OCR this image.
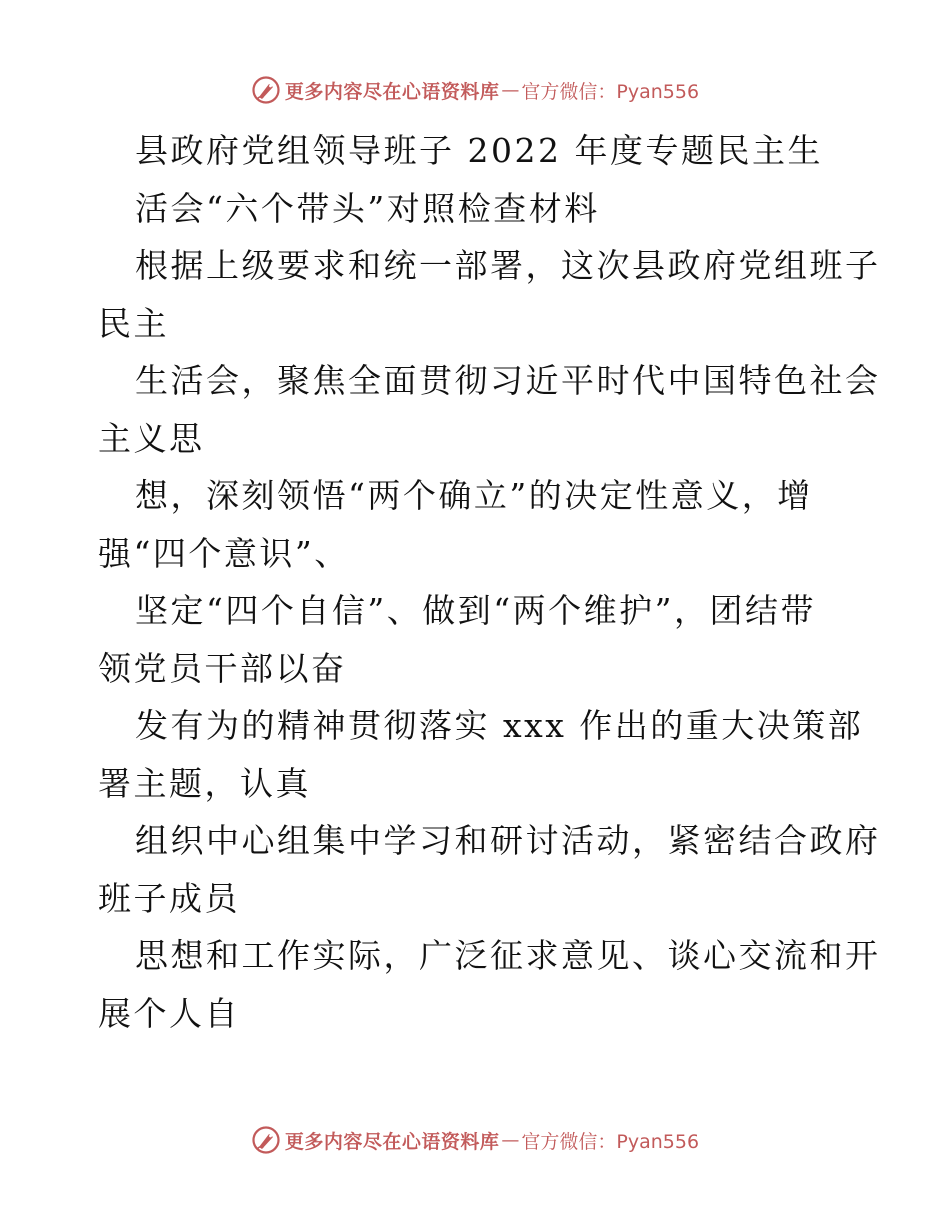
更多内容尽在心语资料库 — 官方微信：Pyan556
县政府党组领导班子 2022 年度专题民主生
活会“六个带头”对照检查材料
根据上级要求和统一部署，这次县政府党组班子
民主
生活会，聚焦全面贯彻习近平时代中国特色社会
主义思
想，深刻领悟“两个确立”的决定性意义，增
强“四个意识”、
坚定“四个自信”、做到“两个维护”，团结带
领党员干部以奋
发有为的精神贯彻落实 xxx 作出的重大决策部
署主题，认真
组织中心组集中学习和研讨活动，紧密结合政府
班子成员
思想和工作实际，广泛征求意见、谈心交流和开
展个人自
更多内容尽在心语资料库 — 官方微信：Pyan556
